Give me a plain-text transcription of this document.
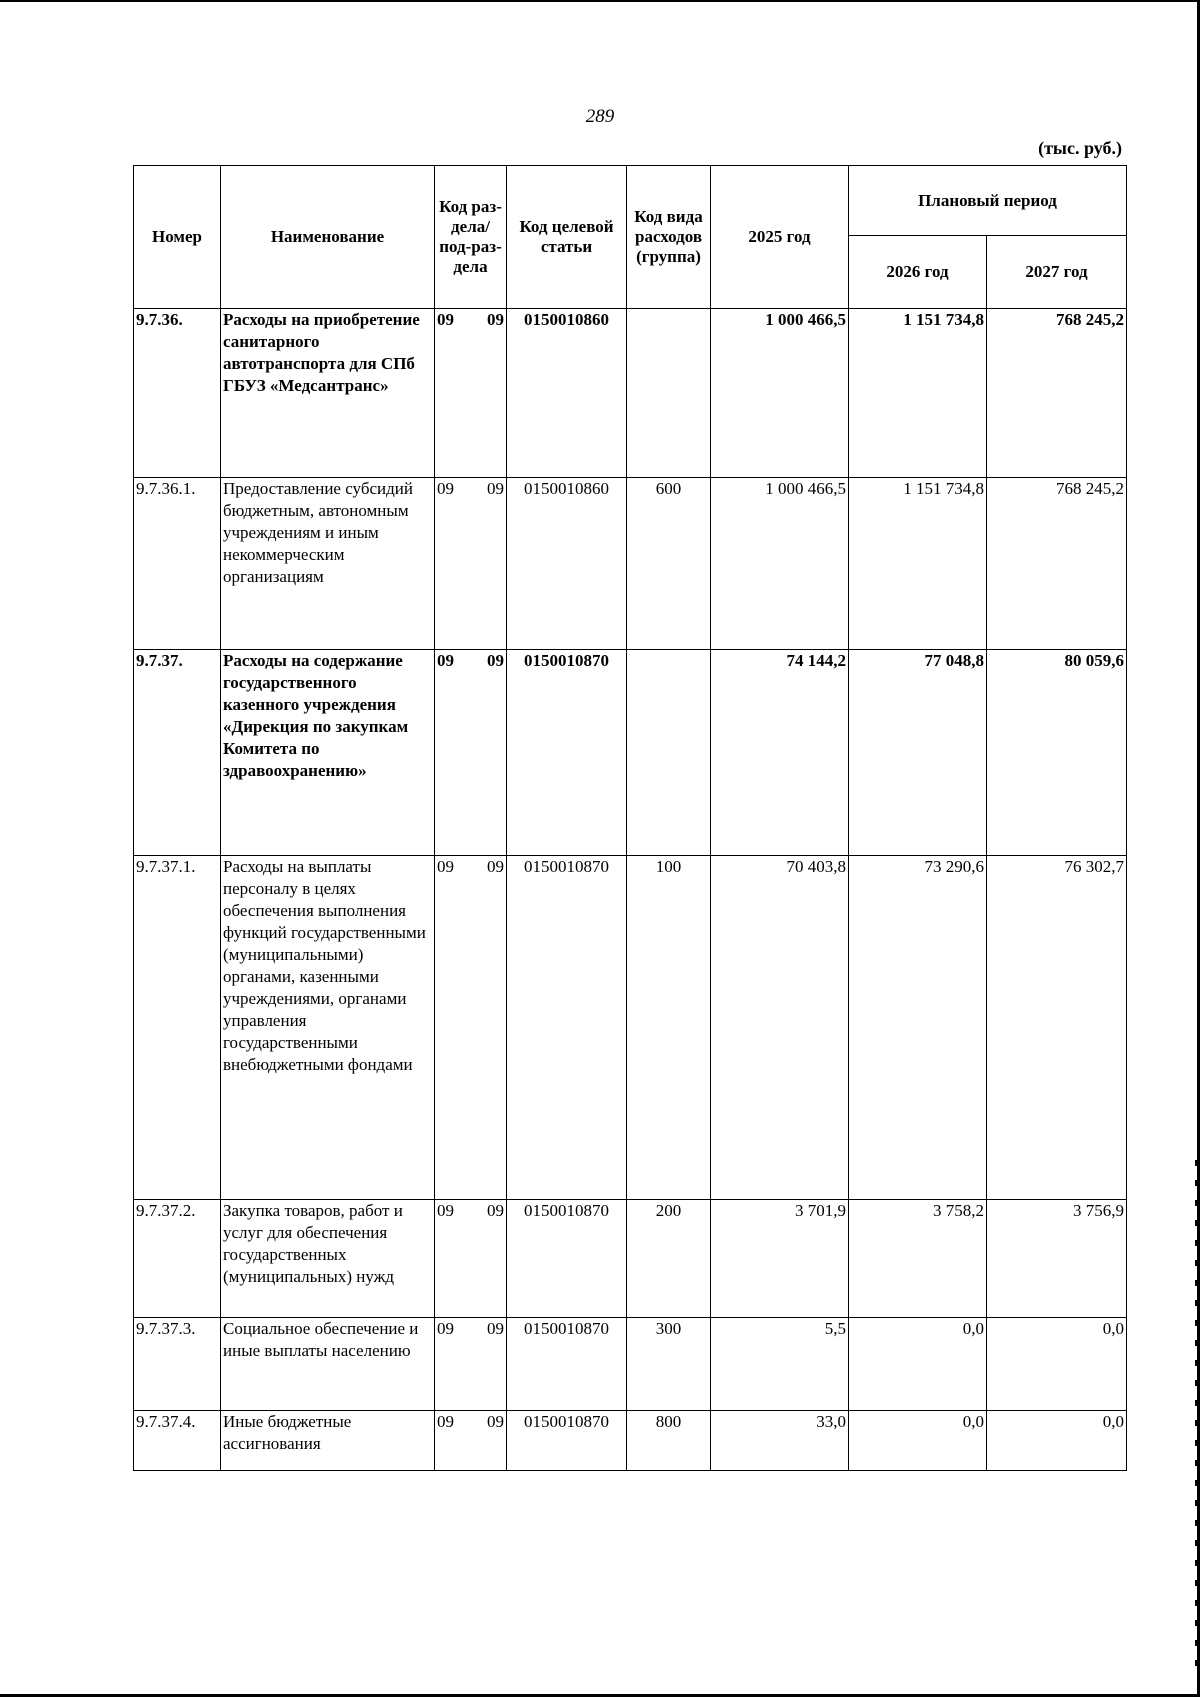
289
(тыс. руб.)
Номер	Наименование	Код раз-дела/ под-раз-дела	Код целевой статьи	Код вида расходов (группа)	2025 год	Плановый период	
						2026 год	2027 год
9.7.36.	Расходы на приобретение санитарного автотранспорта для СПб ГБУЗ «Медсантранс»	09 09	0150010860		1 000 466,5	1 151 734,8	768 245,2
9.7.36.1.	Предоставление субсидий бюджетным, автономным учреждениям и иным некоммерческим организациям	09 09	0150010860	600	1 000 466,5	1 151 734,8	768 245,2
9.7.37.	Расходы на содержание государственного казенного учреждения «Дирекция по закупкам Комитета по здравоохранению»	09 09	0150010870		74 144,2	77 048,8	80 059,6
9.7.37.1.	Расходы на выплаты персоналу в целях обеспечения выполнения функций государственными (муниципальными) органами, казенными учреждениями, органами управления государственными внебюджетными фондами	09 09	0150010870	100	70 403,8	73 290,6	76 302,7
9.7.37.2.	Закупка товаров, работ и услуг для обеспечения государственных (муниципальных) нужд	09 09	0150010870	200	3 701,9	3 758,2	3 756,9
9.7.37.3.	Социальное обеспечение и иные выплаты населению	09 09	0150010870	300	5,5	0,0	0,0
9.7.37.4.	Иные бюджетные ассигнования	09 09	0150010870	800	33,0	0,0	0,0
